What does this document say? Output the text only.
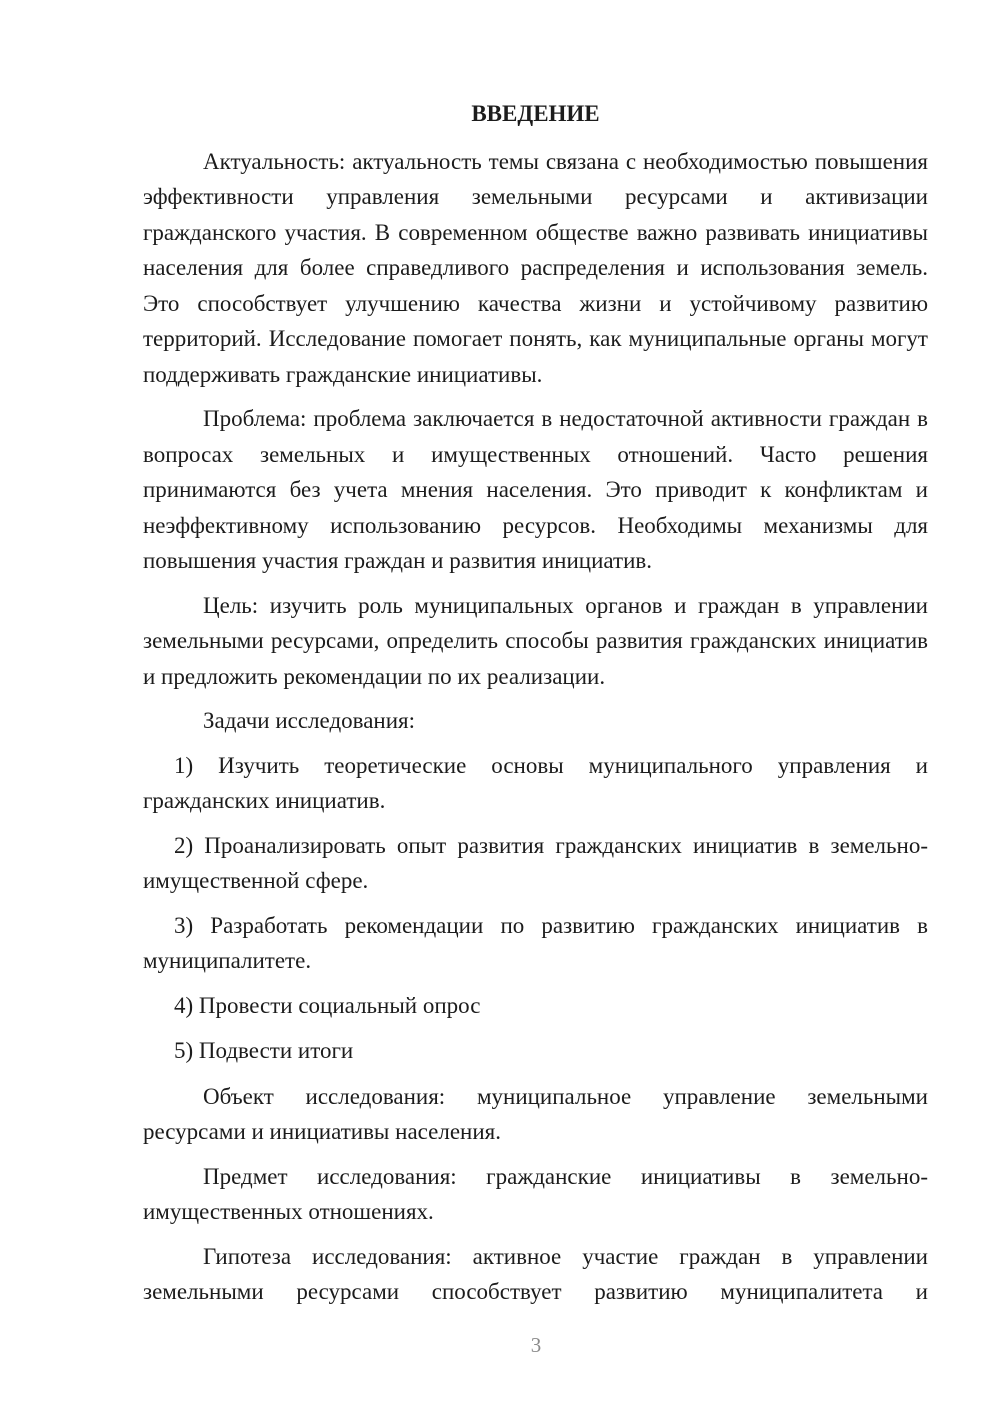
ВВЕДЕНИЕ

Актуальность: актуальность темы связана с необходимостью повышения эффективности управления земельными ресурсами и активизации гражданского участия. В современном обществе важно развивать инициативы населения для более справедливого распределения и использования земель. Это способствует улучшению качества жизни и устойчивому развитию территорий. Исследование помогает понять, как муниципальные органы могут поддерживать гражданские инициативы.

Проблема: проблема заключается в недостаточной активности граждан в вопросах земельных и имущественных отношений. Часто решения принимаются без учета мнения населения. Это приводит к конфликтам и неэффективному использованию ресурсов. Необходимы механизмы для повышения участия граждан и развития инициатив.

Цель: изучить роль муниципальных органов и граждан в управлении земельными ресурсами, определить способы развития гражданских инициатив и предложить рекомендации по их реализации.

Задачи исследования:

1) Изучить теоретические основы муниципального управления и гражданских инициатив.

2) Проанализировать опыт развития гражданских инициатив в земельно-имущественной сфере.

3) Разработать рекомендации по развитию гражданских инициатив в муниципалитете.

4) Провести социальный опрос

5) Подвести итоги

Объект исследования: муниципальное управление земельными ресурсами и инициативы населения.

Предмет исследования: гражданские инициативы в земельно-имущественных отношениях.

Гипотеза исследования: активное участие граждан в управлении земельными ресурсами способствует развитию муниципалитета и

3
